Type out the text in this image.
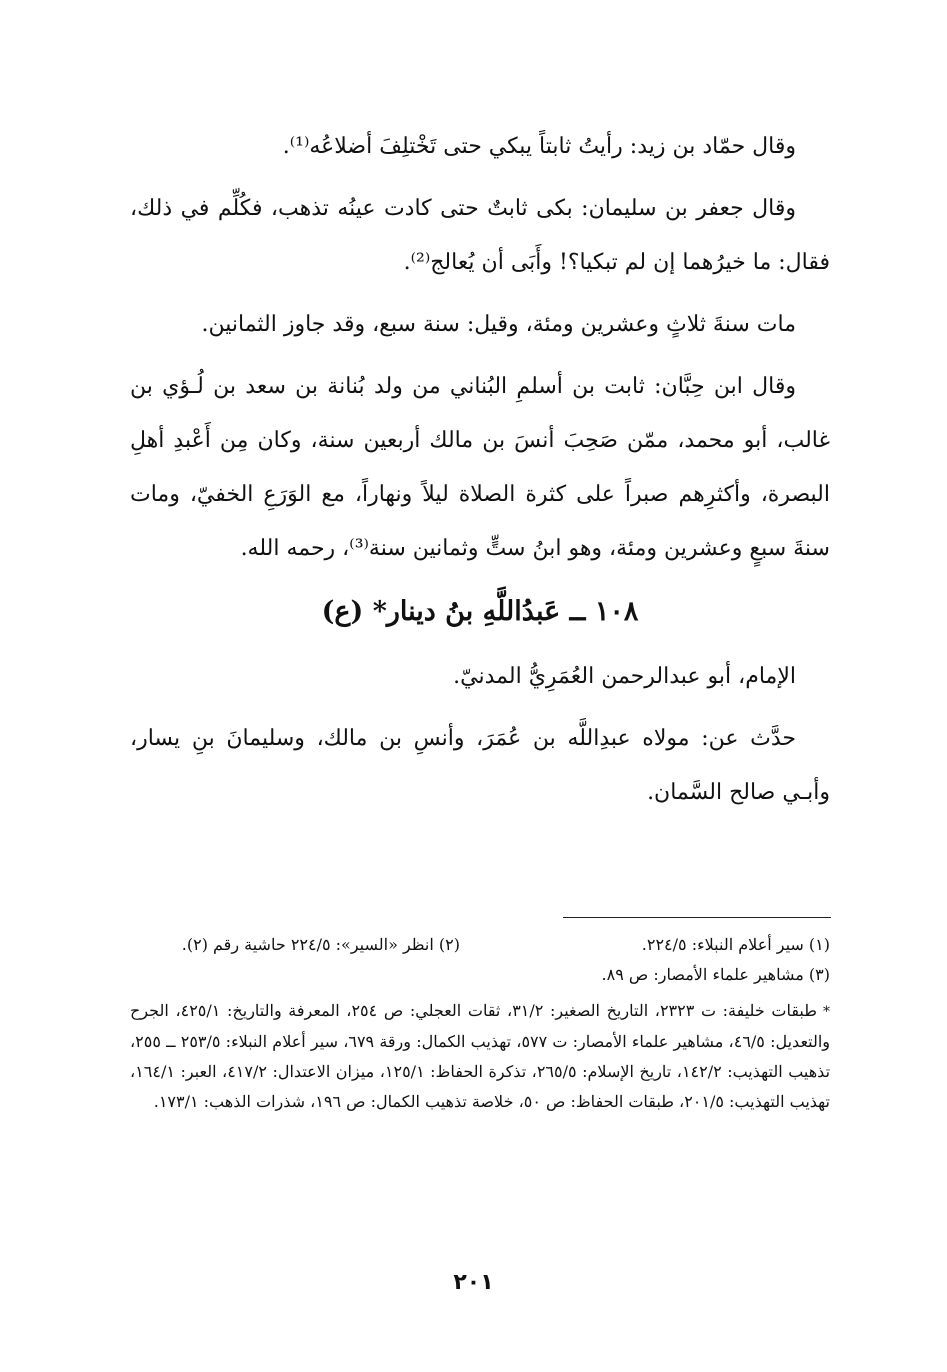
وقال حمّاد بن زيد: رأيتُ ثابتاً يبكي حتى تَخْتلِفَ أضلاعُه⁽¹⁾.

وقال جعفر بن سليمان: بكى ثابتٌ حتى كادت عينُه تذهب، فكُلِّم في ذلك، فقال: ما خيرُهما إن لم تبكيا؟! وأَبَى أن يُعالج⁽²⁾.

مات سنةَ ثلاثٍ وعشرين ومئة، وقيل: سنة سبع، وقد جاوز الثمانين.

وقال ابن حِبَّان: ثابت بن أسلمِ البُناني من ولد بُنانة بن سعد بن لُـؤي بن غالب، أبو محمد، ممّن صَحِبَ أنسَ بن مالك أربعين سنة، وكان مِن أَعْبدِ أهلِ البصرة، وأكثرِهم صبراً على كثرة الصلاة ليلاً ونهاراً، مع الوَرَعِ الخفيّ، ومات سنةَ سبعٍ وعشرين ومئة، وهو ابنُ ستٍّ وثمانين سنة⁽³⁾، رحمه الله.

١٠٨ ــ عَبدُاللَّهِ بنُ دينار* (ع)

الإمام، أبو عبدالرحمن العُمَرِيُّ المدنيّ.

حدَّث عن: مولاه عبدِاللَّه بن عُمَرَ، وأنسِ بن مالك، وسليمانَ بنِ يسار، وأبـي صالح السَّمان.

(١) سير أعلام النبلاء: ٢٢٤/٥.
(٢) انظر «السير»: ٢٢٤/٥ حاشية رقم (٢).
(٣) مشاهير علماء الأمصار: ص ٨٩.
*طبقات خليفة: ت ٢٣٢٣، التاريخ الصغير: ٣١/٢، ثقات العجلي: ص ٢٥٤، المعرفة والتاريخ: ٤٢٥/١، الجرح والتعديل: ٤٦/٥، مشاهير علماء الأمصار: ت ٥٧٧، تهذيب الكمال: ورقة ٦٧٩، سير أعلام النبلاء: ٢٥٣/٥ ــ ٢٥٥، تذهيب التهذيب: ١٤٢/٢، تاريخ الإسلام: ٢٦٥/٥، تذكرة الحفاظ: ١٢٥/١، ميزان الاعتدال: ٤١٧/٢، العبر: ١٦٤/١، تهذيب التهذيب: ٢٠١/٥، طبقات الحفاظ: ص ٥٠، خلاصة تذهيب الكمال: ص ١٩٦، شذرات الذهب: ١٧٣/١.
٢٠١
